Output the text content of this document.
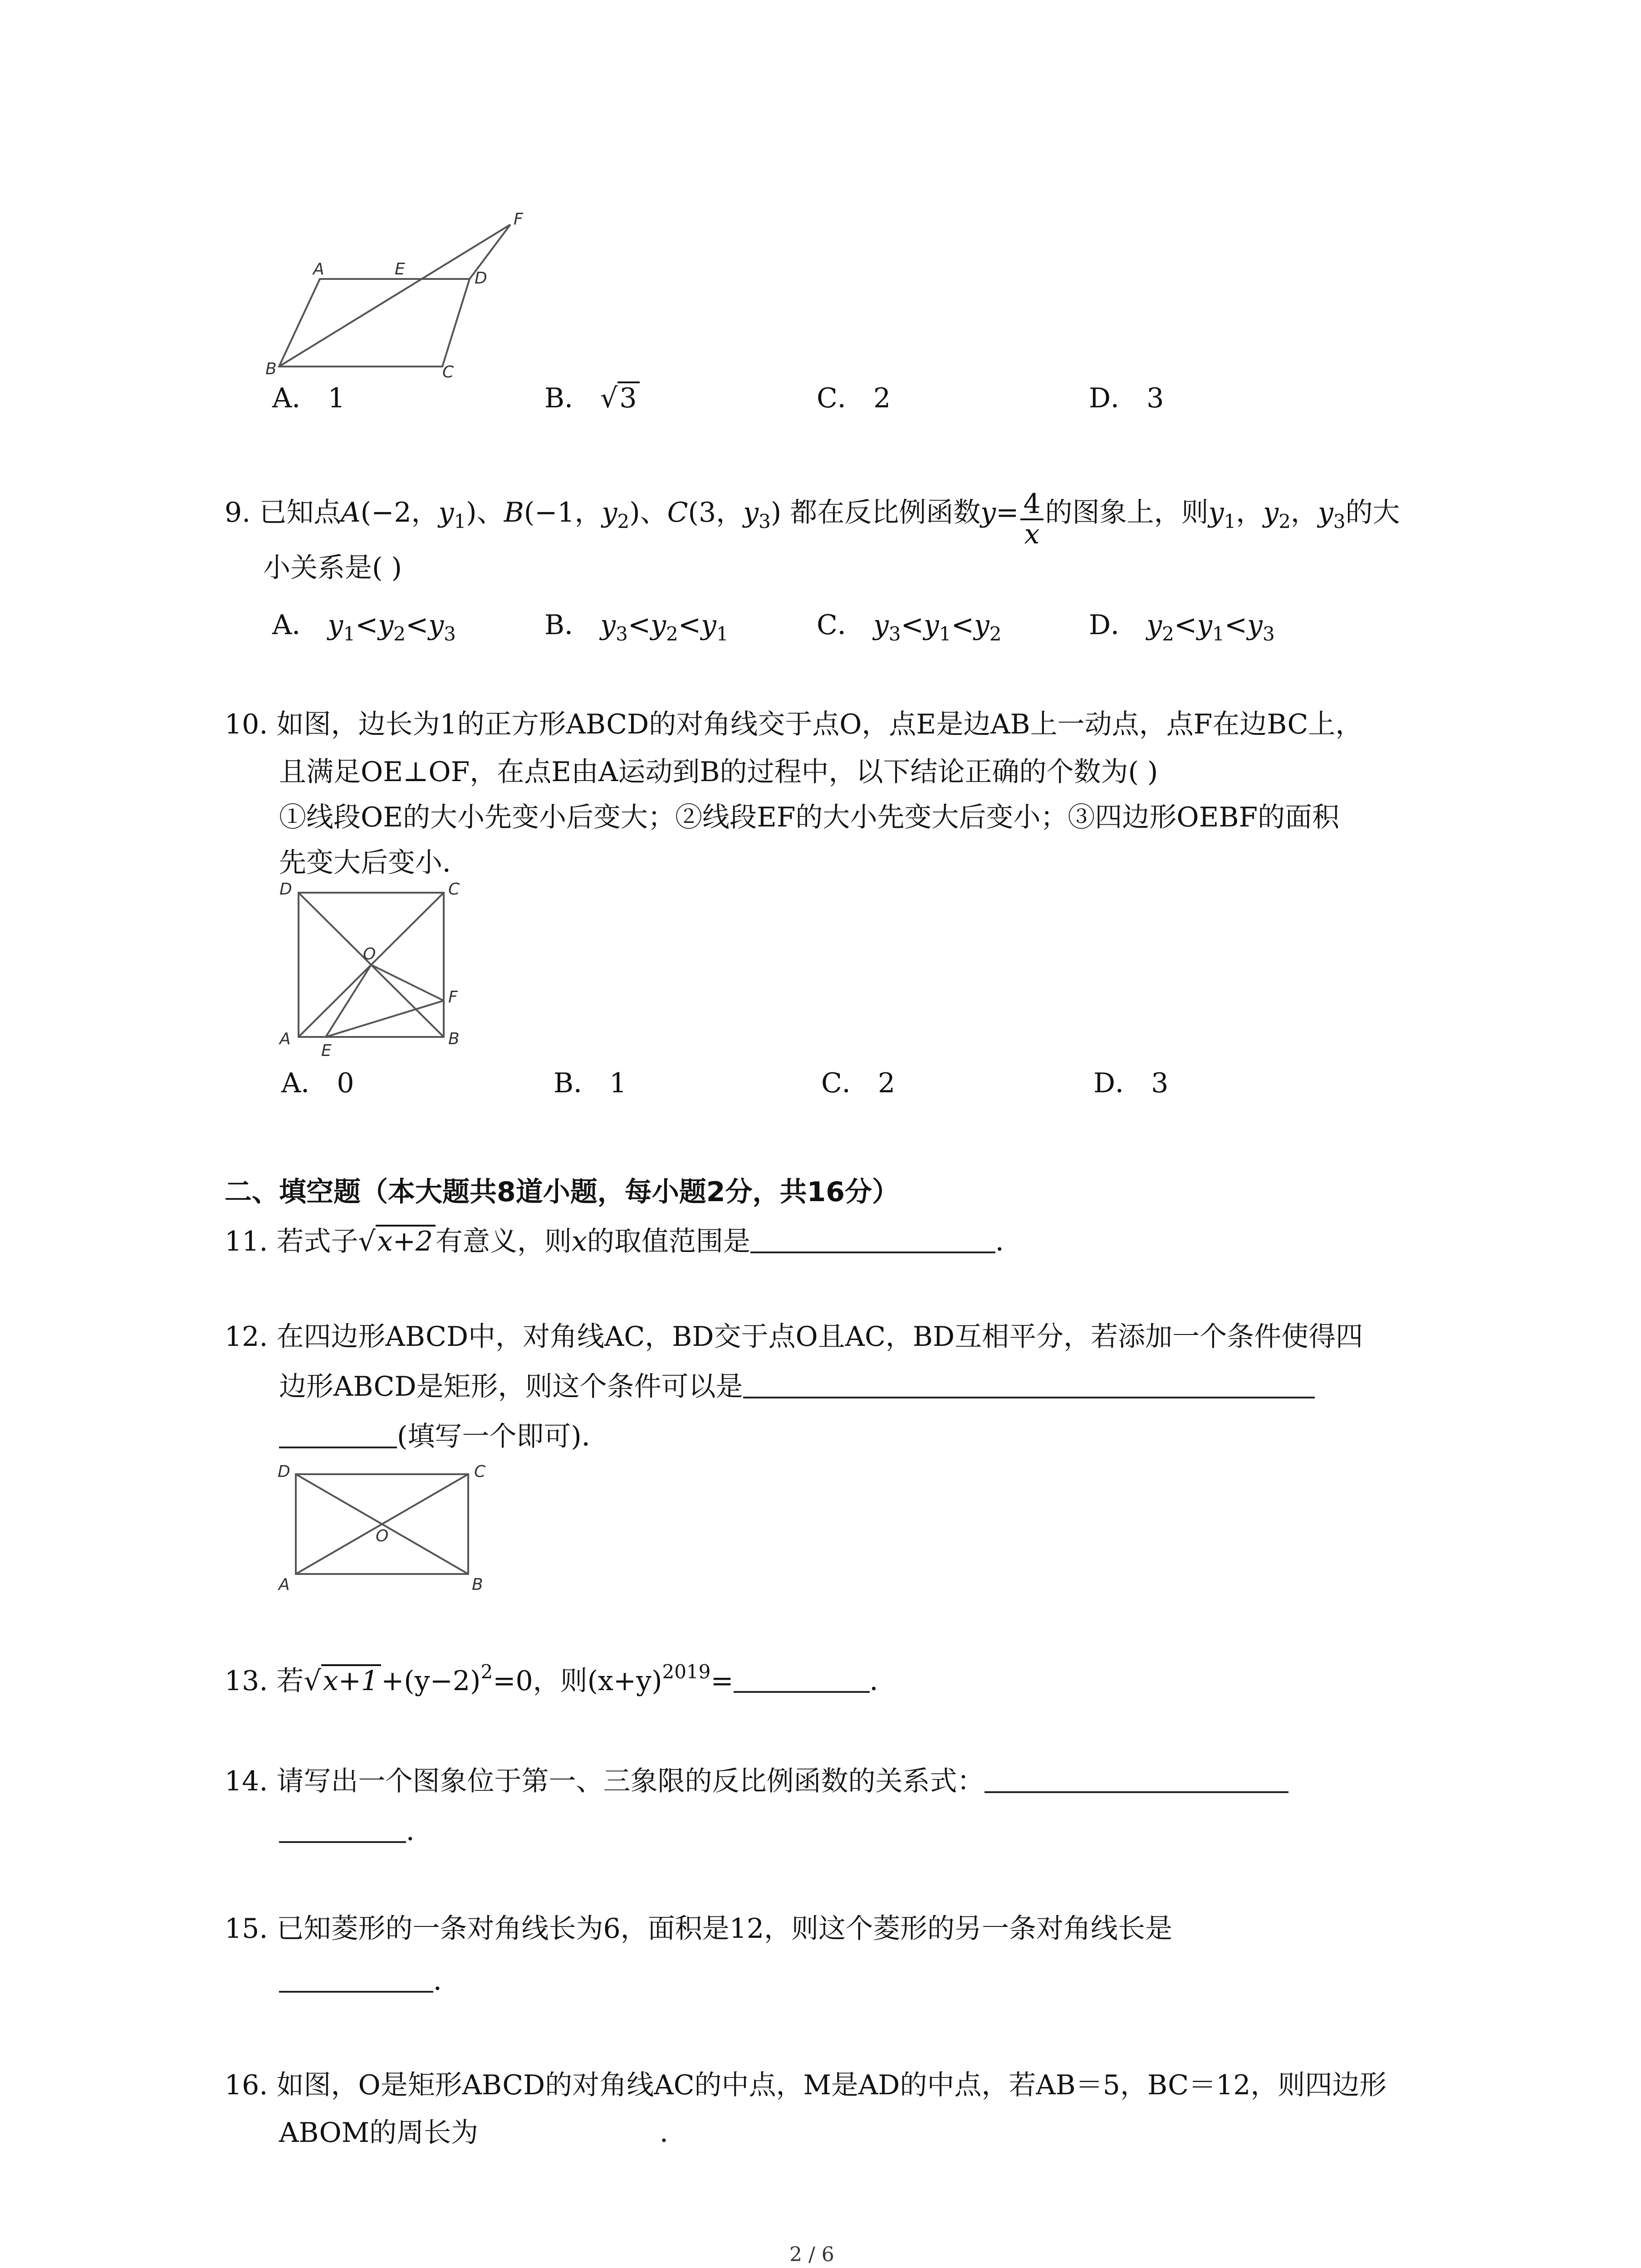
A	E
F
D
B	C
A． 1	B． √3	C． 2	D． 3
9. 已知点A(−2，$y_1$)、B(−1，$y_2$)、C(3，$y_3$) 都在反比例函数$y= \frac{4}{x}$ 的图象上，则$y_1$，$y_2$，$y_3$的大
小关系是( )
A． $y_1<y_2<y_3$	B． $y_3<y_2<y_1$	C． $y_3<y_1<y_2$	D． $y_2<y_1<y_3$
10. 如图，边长为1的正方形ABCD的对角线交于点O，点E是边AB上一动点，点F在边BC上，
且满足OE⊥OF，在点E由A运动到B的过程中，以下结论正确的个数为( )
①线段OE的大小先变小后变大；②线段EF的大小先变大后变小；③四边形OEBF的面积
先变大后变小．
D	C
O
F
A
E
B
A． 0	B． 1	C． 2	D． 3
二、填空题（本大题共8道小题，每小题2分，共16分）
11. 若式子√x+2 有意义，则x的取值范围是	．
12. 在四边形ABCD中，对角线AC，BD交于点O且AC，BD互相平分，若添加一个条件使得四
边形ABCD是矩形，则这个条件可以是
(填写一个即可)．
D	C
O
A	B
13. 若$√x+1 +(y-2)^2=0$，则$(x+y)^{2019}=$	．
14. 请写出一个图象位于第一、三象限的反比例函数的关系式：
．
15. 已知菱形的一条对角线长为6，面积是12，则这个菱形的另一条对角线长是
．
16. 如图，O是矩形ABCD的对角线AC的中点，M是AD的中点，若AB＝5，BC＝12，则四边形
ABOM的周长为	．
2 / 6
